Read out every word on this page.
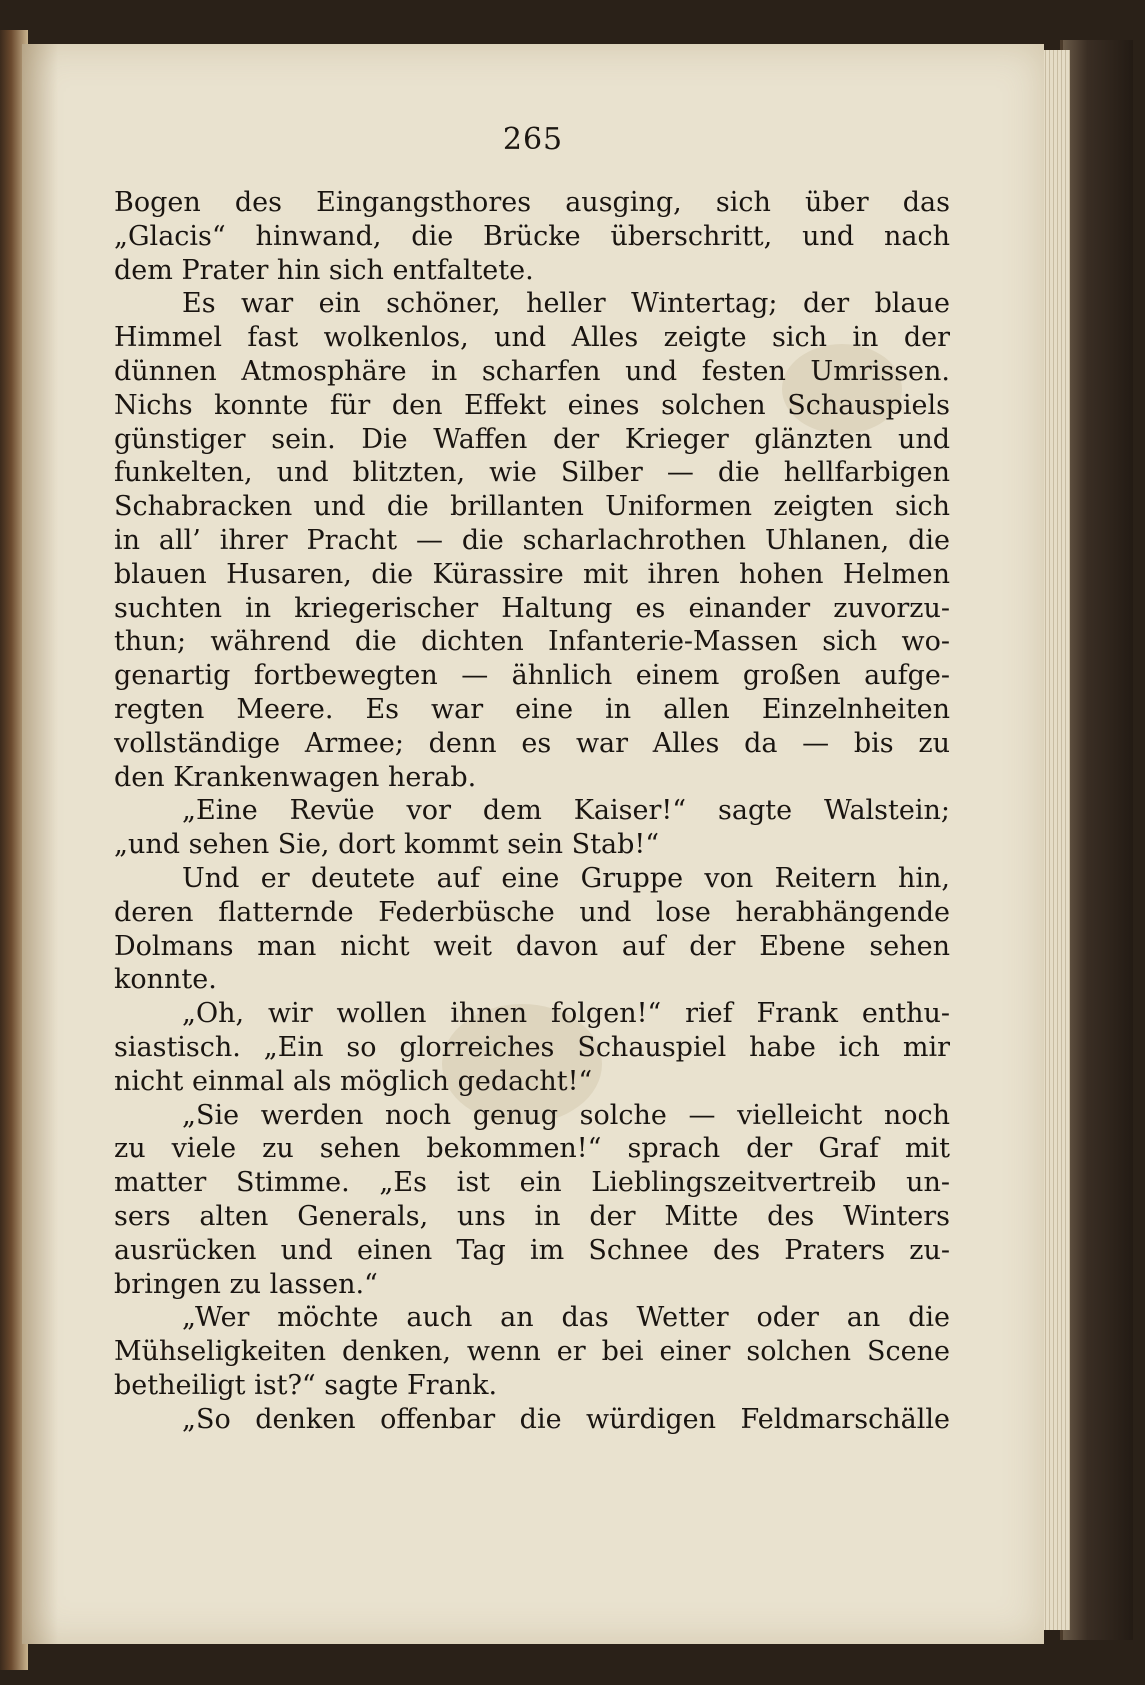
265
Bogen des Eingangsthores ausging, sich über das
„Glacis“ hinwand, die Brücke überschritt, und nach
dem Prater hin sich entfaltete.
Es war ein schöner, heller Wintertag; der blaue
Himmel fast wolkenlos, und Alles zeigte sich in der
dünnen Atmosphäre in scharfen und festen Umrissen.
Nichs konnte für den Effekt eines solchen Schauspiels
günstiger sein. Die Waffen der Krieger glänzten und
funkelten, und blitzten, wie Silber — die hellfarbigen
Schabracken und die brillanten Uniformen zeigten sich
in all’ ihrer Pracht — die scharlachrothen Uhlanen, die
blauen Husaren, die Kürassire mit ihren hohen Helmen
suchten in kriegerischer Haltung es einander zuvorzu-
thun; während die dichten Infanterie-Massen sich wo-
genartig fortbewegten — ähnlich einem großen aufge-
regten Meere. Es war eine in allen Einzelnheiten
vollständige Armee; denn es war Alles da — bis zu
den Krankenwagen herab.
„Eine Revüe vor dem Kaiser!“ sagte Walstein;
„und sehen Sie, dort kommt sein Stab!“
Und er deutete auf eine Gruppe von Reitern hin,
deren flatternde Federbüsche und lose herabhängende
Dolmans man nicht weit davon auf der Ebene sehen
konnte.
„Oh, wir wollen ihnen folgen!“ rief Frank enthu-
siastisch. „Ein so glorreiches Schauspiel habe ich mir
nicht einmal als möglich gedacht!“
„Sie werden noch genug solche — vielleicht noch
zu viele zu sehen bekommen!“ sprach der Graf mit
matter Stimme. „Es ist ein Lieblingszeitvertreib un-
sers alten Generals, uns in der Mitte des Winters
ausrücken und einen Tag im Schnee des Praters zu-
bringen zu lassen.“
„Wer möchte auch an das Wetter oder an die
Mühseligkeiten denken, wenn er bei einer solchen Scene
betheiligt ist?“ sagte Frank.
„So denken offenbar die würdigen Feldmarschälle
